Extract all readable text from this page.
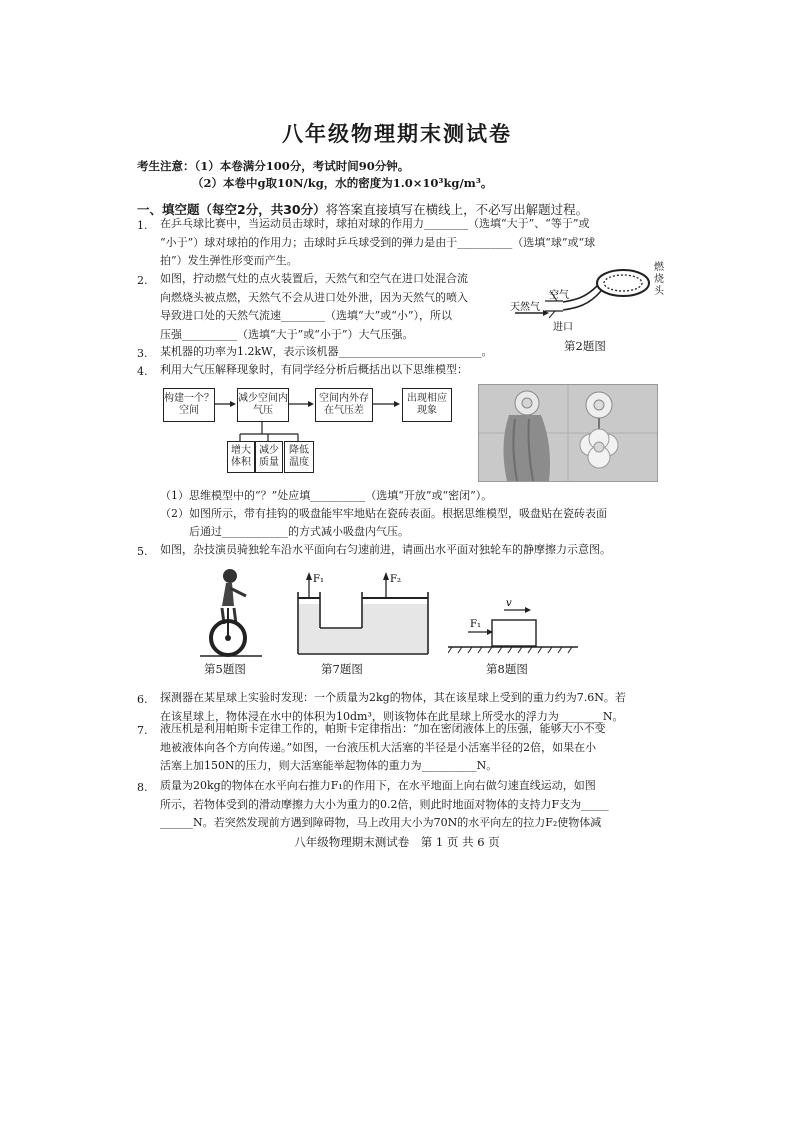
八年级物理期末测试卷
考生注意：（1）本卷满分100分，考试时间90分钟。
（2）本卷中g取10N/kg，水的密度为1.0×10³kg/m³。
一、填空题（每空2分，共30分）将答案直接填写在横线上，不必写出解题过程。
1. 在乒乓球比赛中，当运动员击球时，球拍对球的作用力________（选填“大于”、“等于”或
“小于”）球对球拍的作用力；击球时乒乓球受到的弹力是由于__________（选填“球”或“球
拍”）发生弹性形变而产生。
2. 如图，拧动燃气灶的点火装置后，天然气和空气在进口处混合流
向燃烧头被点燃，天然气不会从进口处外泄，因为天然气的喷入
导致进口处的天然气流速________（选填“大”或“小”），所以
压强__________（选填“大于”或“小于”）大气压强。
空气
天然气
进口
燃烧头
第2题图
3. 某机器的功率为1.2kW，表示该机器__________________________。
4. 利用大气压解释现象时，有同学经分析后概括出以下思维模型：
构建一个？空间
减少空间内气压
空间内外存在气压差
出现相应现象
增大体积
减少质量
降低温度
（1）思维模型中的“？”处应填__________（选填“开放”或“密闭”）。
（2）如图所示，带有挂钩的吸盘能牢牢地贴在瓷砖表面。根据思维模型，吸盘贴在瓷砖表面
后通过____________的方式减小吸盘内气压。
5. 如图，杂技演员骑独轮车沿水平面向右匀速前进，请画出水平面对独轮车的静摩擦力示意图。
第5题图
F₁	F₂
第7题图
F₁
v
第8题图
6. 探测器在某星球上实验时发现：一个质量为2kg的物体，其在该星球上受到的重力约为7.6N。若
在该星球上，物体浸在水中的体积为10dm³，则该物体在此星球上所受水的浮力为________N。
7. 液压机是利用帕斯卡定律工作的，帕斯卡定律指出：“加在密闭液体上的压强，能够大小不变
地被液体向各个方向传递。”如图，一台液压机大活塞的半径是小活塞半径的2倍，如果在小
活塞上加150N的压力，则大活塞能举起物体的重力为__________N。
8. 质量为20kg的物体在水平向右推力F₁的作用下，在水平地面上向右做匀速直线运动，如图
所示，若物体受到的滑动摩擦力大小为重力的0.2倍，则此时地面对物体的支持力F支为_____
______N。若突然发现前方遇到障碍物，马上改用大小为70N的水平向左的拉力F₂使物体减
八年级物理期末测试卷　第 1 页 共 6 页
